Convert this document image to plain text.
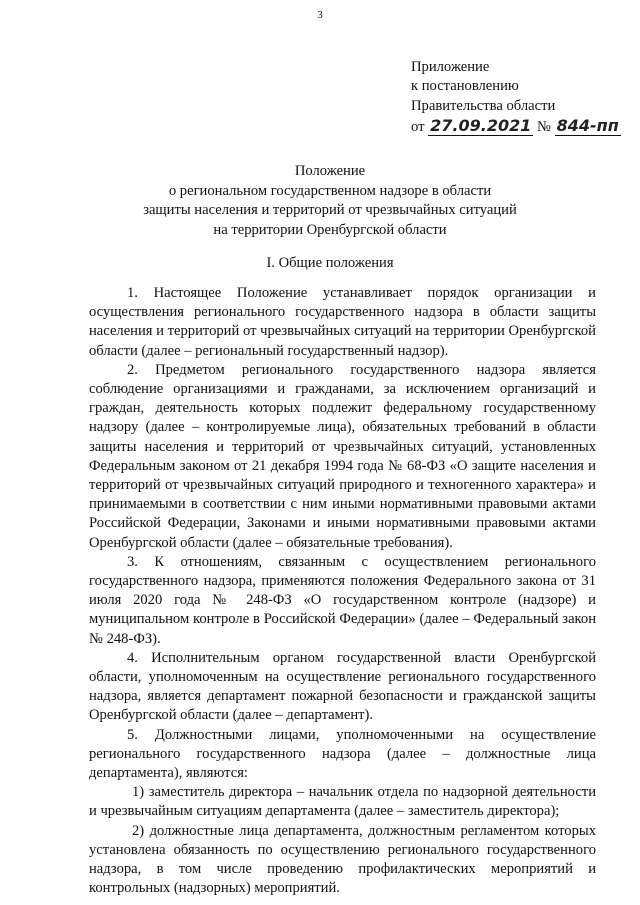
3
Приложение
к постановлению
Правительства области
от 27.09.2021 № 844-пп
Положение
о региональном государственном надзоре в области
защиты населения и территорий от чрезвычайных ситуаций
на территории Оренбургской области
I. Общие положения

1. Настоящее Положение устанавливает порядок организации и осуществления регионального государственного надзора в области защиты населения и территорий от чрезвычайных ситуаций на территории Оренбургской области (далее – региональный государственный надзор).

2. Предметом регионального государственного надзора является соблюдение организациями и гражданами, за исключением организаций и граждан, деятельность которых подлежит федеральному государственному надзору (далее – контролируемые лица), обязательных требований в области защиты населения и территорий от чрезвычайных ситуаций, установленных Федеральным законом от 21 декабря 1994 года № 68-ФЗ «О защите населения и территорий от чрезвычайных ситуаций природного и техногенного характера» и принимаемыми в соответствии с ним иными нормативными правовыми актами Российской Федерации, Законами и иными нормативными правовыми актами Оренбургской области (далее – обязательные требования).

3. К отношениям, связанным с осуществлением регионального государственного надзора, применяются положения Федерального закона от 31 июля 2020 года № 248-ФЗ «О государственном контроле (надзоре) и муниципальном контроле в Российской Федерации» (далее – Федеральный закон № 248-ФЗ).

4. Исполнительным органом государственной власти Оренбургской области, уполномоченным на осуществление регионального государственного надзора, является департамент пожарной безопасности и гражданской защиты Оренбургской области (далее – департамент).

5. Должностными лицами, уполномоченными на осуществление регионального государственного надзора (далее – должностные лица департамента), являются:

1) заместитель директора – начальник отдела по надзорной деятельности и чрезвычайным ситуациям департамента (далее – заместитель директора);

2) должностные лица департамента, должностным регламентом которых установлена обязанность по осуществлению регионального государственного надзора, в том числе проведению профилактических мероприятий и контрольных (надзорных) мероприятий.
